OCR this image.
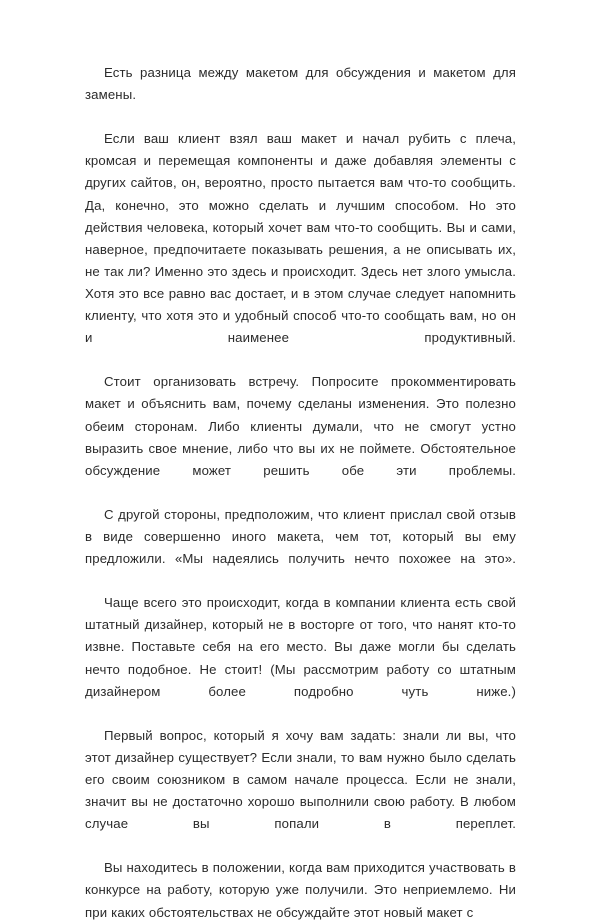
Есть разница между макетом для обсуждения и макетом для замены.

Если ваш клиент взял ваш макет и начал рубить с плеча, кромсая и перемещая компоненты и даже добавляя элементы с других сайтов, он, вероятно, просто пытается вам что-то сообщить. Да, конечно, это можно сделать и лучшим способом. Но это действия человека, который хочет вам что-то сообщить. Вы и сами, наверное, предпочитаете показывать решения, а не описывать их, не так ли? Именно это здесь и происходит. Здесь нет злого умысла. Хотя это все равно вас достает, и в этом случае следует напомнить клиенту, что хотя это и удобный способ что-то сообщать вам, но он и наименее продуктивный.

Стоит организовать встречу. Попросите прокомментировать макет и объяснить вам, почему сделаны изменения. Это полезно обеим сторонам. Либо клиенты думали, что не смогут устно выразить свое мнение, либо что вы их не поймете. Обстоятельное обсуждение может решить обе эти проблемы.

С другой стороны, предположим, что клиент прислал свой отзыв в виде совершенно иного макета, чем тот, который вы ему предложили. «Мы надеялись получить нечто похожее на это».

Чаще всего это происходит, когда в компании клиента есть свой штатный дизайнер, который не в восторге от того, что нанят кто-то извне. Поставьте себя на его место. Вы даже могли бы сделать нечто подобное. Не стоит! (Мы рассмотрим работу со штатным дизайнером более подробно чуть ниже.)

Первый вопрос, который я хочу вам задать: знали ли вы, что этот дизайнер существует? Если знали, то вам нужно было сделать его своим союзником в самом начале процесса. Если не знали, значит вы не достаточно хорошо выполнили свою работу. В любом случае вы попали в переплет.

Вы находитесь в положении, когда вам приходится участвовать в конкурсе на работу, которую уже получили. Это неприемлемо. Ни при каких обстоятельствах не обсуждайте этот новый макет с
